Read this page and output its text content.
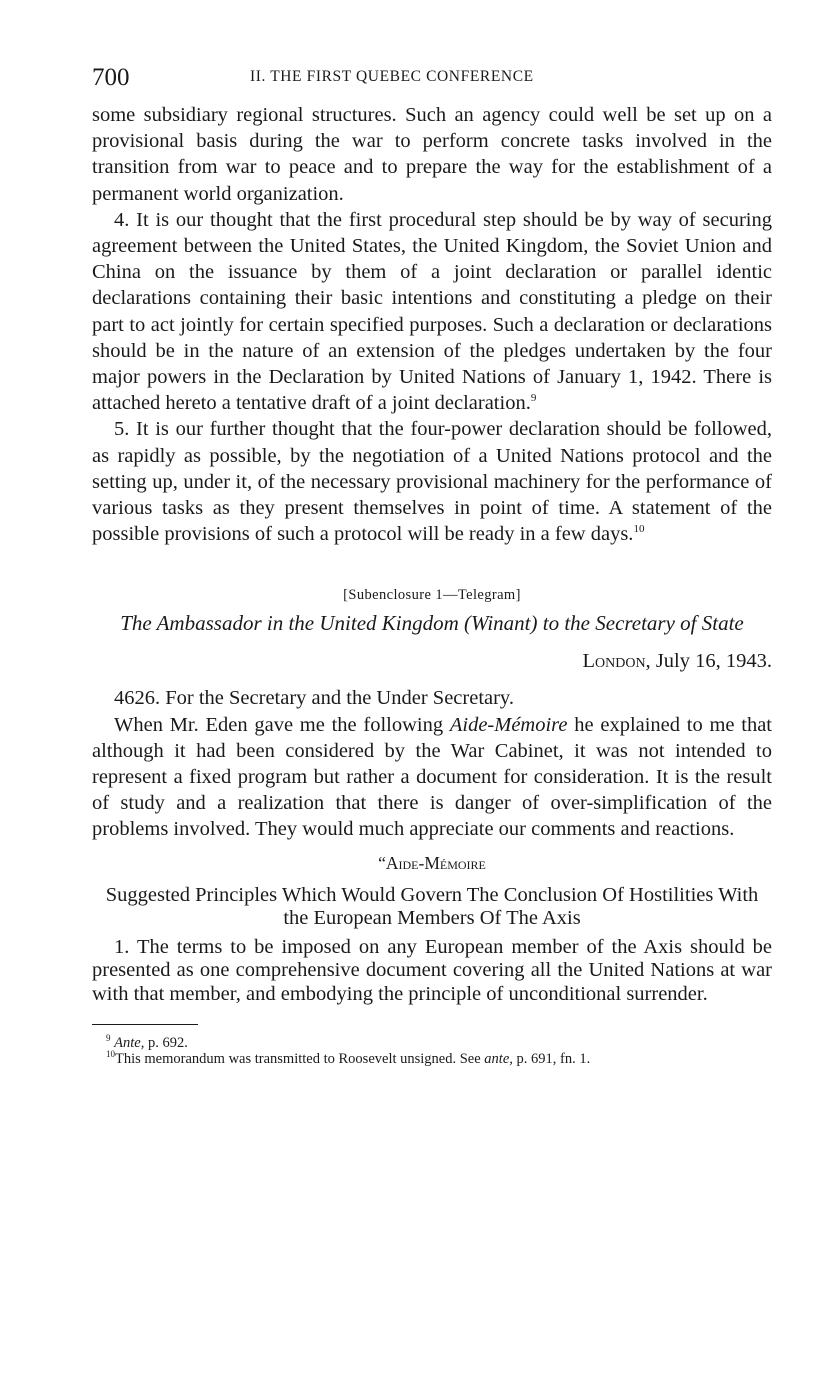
700	II. THE FIRST QUEBEC CONFERENCE

some subsidiary regional structures. Such an agency could well be set up on a provisional basis during the war to perform concrete tasks involved in the transition from war to peace and to prepare the way for the establishment of a permanent world organization.

4. It is our thought that the first procedural step should be by way of securing agreement between the United States, the United Kingdom, the Soviet Union and China on the issuance by them of a joint declaration or parallel identic declarations containing their basic intentions and constituting a pledge on their part to act jointly for certain specified purposes. Such a declaration or declarations should be in the nature of an extension of the pledges undertaken by the four major powers in the Declaration by United Nations of January 1, 1942. There is attached hereto a tentative draft of a joint declaration.$^9$

5. It is our further thought that the four-power declaration should be followed, as rapidly as possible, by the negotiation of a United Nations protocol and the setting up, under it, of the necessary provisional machinery for the performance of various tasks as they present themselves in point of time. A statement of the possible provisions of such a protocol will be ready in a few days.$^{10}$

[Subenclosure 1—Telegram]

The Ambassador in the United Kingdom (Winant) to the Secretary of State

London, July 16, 1943.

4626. For the Secretary and the Under Secretary.

When Mr. Eden gave me the following Aide-Mémoire he explained to me that although it had been considered by the War Cabinet, it was not intended to represent a fixed program but rather a document for consideration. It is the result of study and a realization that there is danger of over-simplification of the problems involved. They would much appreciate our comments and reactions.

“Aide-Mémoire

Suggested Principles Which Would Govern The Conclusion Of Hostilities With the European Members Of The Axis

1. The terms to be imposed on any European member of the Axis should be presented as one comprehensive document covering all the United Nations at war with that member, and embodying the principle of unconditional surrender.

$^9$ Ante, p. 692.

$^{10}$This memorandum was transmitted to Roosevelt unsigned. See ante, p. 691, fn. 1.
